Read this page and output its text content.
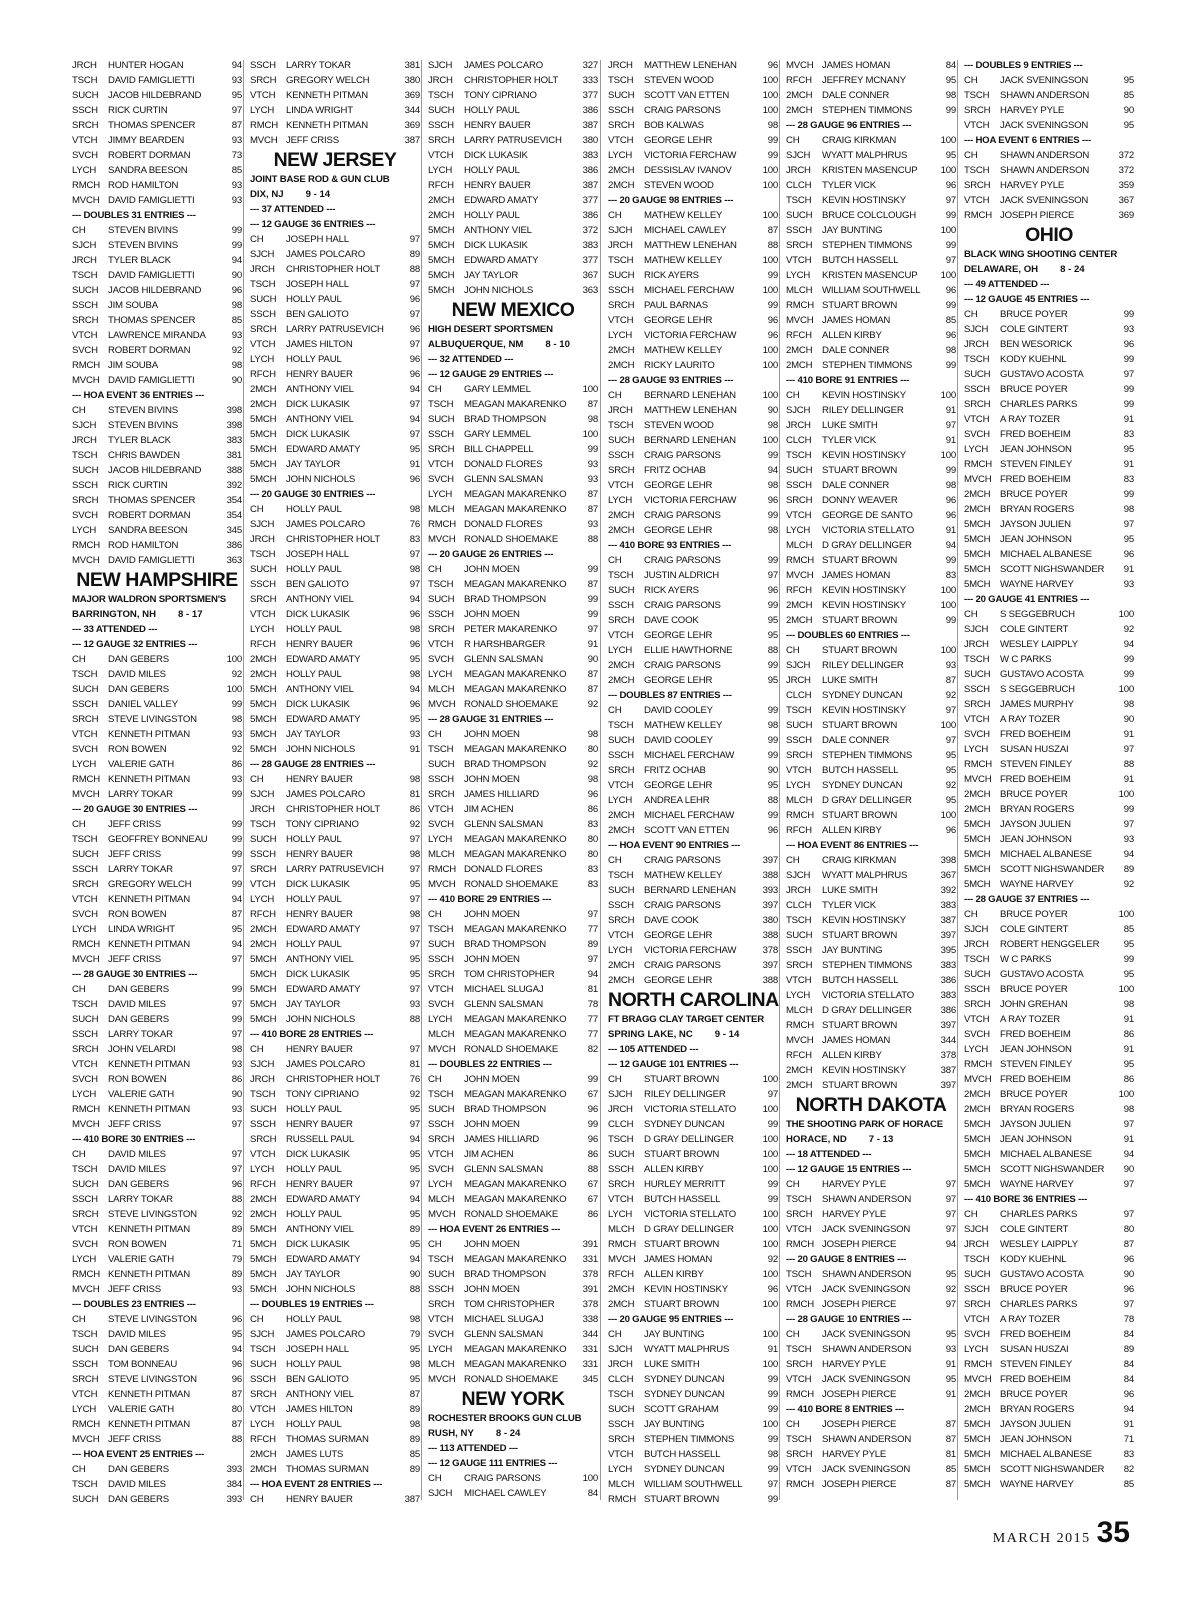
JRCH	HUNTER HOGAN	94
TSCH	DAVID FAMIGLIETTI	93
SUCH	JACOB HILDEBRAND	95
SSCH	RICK CURTIN	97
SRCH	THOMAS SPENCER	87
VTCH	JIMMY BEARDEN	93
SVCH	ROBERT DORMAN	73
LYCH	SANDRA BEESON	85
RMCH ROD HAMILTON	93
MVCH DAVID FAMIGLIETTI	93
--- DOUBLES 31 ENTRIES ---
CH	STEVEN BIVINS	99
SJCH	STEVEN BIVINS	99
JRCH	TYLER BLACK	94
TSCH	DAVID FAMIGLIETTI	90
SUCH	JACOB HILDEBRAND	96
SSCH	JIM SOUBA	98
SRCH	THOMAS SPENCER	85
VTCH	LAWRENCE MIRANDA	93
SVCH	ROBERT DORMAN	92
RMCH JIM SOUBA	98
MVCH DAVID FAMIGLIETTI	90
--- HOA EVENT 36 ENTRIES ---
CH	STEVEN BIVINS	398
SJCH	STEVEN BIVINS	398
JRCH	TYLER BLACK	383
TSCH	CHRIS BAWDEN	381
SUCH	JACOB HILDEBRAND	388
SSCH	RICK CURTIN	392
SRCH	THOMAS SPENCER	354
SVCH	ROBERT DORMAN	354
LYCH	SANDRA BEESON	345
RMCH ROD HAMILTON	386
MVCH DAVID FAMIGLIETTI	363
NEW HAMPSHIRE
MAJOR WALDRON SPORTSMEN'S
BARRINGTON, NH 8 - 17
--- 33 ATTENDED ---
--- 12 GAUGE 32 ENTRIES ---
CH	DAN GEBERS	100
TSCH	DAVID MILES	92
SUCH	DAN GEBERS	100
SSCH	DANIEL VALLEY	99
SRCH	STEVE LIVINGSTON	98
VTCH	KENNETH PITMAN	93
SVCH	RON BOWEN	92
LYCH	VALERIE GATH	86
RMCH KENNETH PITMAN	93
MVCH LARRY TOKAR	99
--- 20 GAUGE 30 ENTRIES ---
CH	JEFF CRISS	99
TSCH	GEOFFREY BONNEAU	99
SUCH	JEFF CRISS	99
SSCH	LARRY TOKAR	97
SRCH	GREGORY WELCH	99
VTCH	KENNETH PITMAN	94
SVCH	RON BOWEN	87
LYCH	LINDA WRIGHT	95
RMCH KENNETH PITMAN	94
MVCH JEFF CRISS	97
--- 28 GAUGE 30 ENTRIES ---
CH	DAN GEBERS	99
TSCH	DAVID MILES	97
SUCH	DAN GEBERS	99
SSCH	LARRY TOKAR	97
SRCH	JOHN VELARDI	98
VTCH	KENNETH PITMAN	93
SVCH	RON BOWEN	86
LYCH	VALERIE GATH	90
RMCH KENNETH PITMAN	93
MVCH JEFF CRISS	97
--- 410 BORE 30 ENTRIES ---
CH	DAVID MILES	97
TSCH	DAVID MILES	97
SUCH	DAN GEBERS	96
SSCH	LARRY TOKAR	88
SRCH	STEVE LIVINGSTON	92
VTCH	KENNETH PITMAN	89
SVCH	RON BOWEN	71
LYCH	VALERIE GATH	79
RMCH KENNETH PITMAN	89
MVCH JEFF CRISS	93
--- DOUBLES 23 ENTRIES ---
CH	STEVE LIVINGSTON	96
TSCH	DAVID MILES	95
SUCH	DAN GEBERS	94
SSCH	TOM BONNEAU	96
SRCH	STEVE LIVINGSTON	96
VTCH	KENNETH PITMAN	87
LYCH	VALERIE GATH	80
RMCH KENNETH PITMAN	87
MVCH JEFF CRISS	88
--- HOA EVENT 25 ENTRIES ---
CH	DAN GEBERS	393
TSCH	DAVID MILES	384
SUCH	DAN GEBERS	393
SSCH	LARRY TOKAR	381
SRCH	GREGORY WELCH	380
VTCH	KENNETH PITMAN	369
LYCH	LINDA WRIGHT	344
RMCH KENNETH PITMAN	369
MVCH JEFF CRISS	387
NEW JERSEY
JOINT BASE ROD & GUN CLUB
DIX, NJ 9 - 14
--- 37 ATTENDED ---
--- 12 GAUGE 36 ENTRIES ---
CH	JOSEPH HALL	97
SJCH	JAMES POLCARO	89
JRCH	CHRISTOPHER HOLT	88
TSCH	JOSEPH HALL	97
SUCH	HOLLY PAUL	96
SSCH	BEN GALIOTO	97
SRCH	LARRY PATRUSEVICH	96
VTCH	JAMES HILTON	97
LYCH	HOLLY PAUL	96
RFCH	HENRY BAUER	96
2MCH	ANTHONY VIEL	94
2MCH	DICK LUKASIK	97
5MCH	ANTHONY VIEL	94
5MCH	DICK LUKASIK	97
5MCH	EDWARD AMATY	95
5MCH	JAY TAYLOR	91
5MCH	JOHN NICHOLS	96
--- 20 GAUGE 30 ENTRIES ---
CH	HOLLY PAUL	98
SJCH	JAMES POLCARO	76
JRCH	CHRISTOPHER HOLT	83
TSCH	JOSEPH HALL	97
SUCH	HOLLY PAUL	98
SSCH	BEN GALIOTO	97
SRCH	ANTHONY VIEL	94
VTCH	DICK LUKASIK	96
LYCH	HOLLY PAUL	98
RFCH	HENRY BAUER	96
2MCH	EDWARD AMATY	95
2MCH	HOLLY PAUL	98
5MCH	ANTHONY VIEL	94
5MCH	DICK LUKASIK	96
5MCH	EDWARD AMATY	95
5MCH	JAY TAYLOR	93
5MCH	JOHN NICHOLS	91
--- 28 GAUGE 28 ENTRIES ---
CH	HENRY BAUER	98
SJCH	JAMES POLCARO	81
JRCH	CHRISTOPHER HOLT	86
TSCH	TONY CIPRIANO	92
SUCH	HOLLY PAUL	97
SSCH	HENRY BAUER	98
SRCH	LARRY PATRUSEVICH	97
VTCH	DICK LUKASIK	95
LYCH	HOLLY PAUL	97
RFCH	HENRY BAUER	98
2MCH	EDWARD AMATY	97
2MCH	HOLLY PAUL	97
5MCH	ANTHONY VIEL	95
5MCH	DICK LUKASIK	95
5MCH	EDWARD AMATY	97
5MCH	JAY TAYLOR	93
5MCH	JOHN NICHOLS	88
--- 410 BORE 28 ENTRIES ---
CH	HENRY BAUER	97
SJCH	JAMES POLCARO	81
JRCH	CHRISTOPHER HOLT	76
TSCH	TONY CIPRIANO	92
SUCH	HOLLY PAUL	95
SSCH	HENRY BAUER	97
SRCH	RUSSELL PAUL	94
VTCH	DICK LUKASIK	95
LYCH	HOLLY PAUL	95
RFCH	HENRY BAUER	97
2MCH	EDWARD AMATY	94
2MCH	HOLLY PAUL	95
5MCH	ANTHONY VIEL	89
5MCH	DICK LUKASIK	95
5MCH	EDWARD AMATY	94
5MCH	JAY TAYLOR	90
5MCH	JOHN NICHOLS	88
--- DOUBLES 19 ENTRIES ---
CH	HOLLY PAUL	98
SJCH	JAMES POLCARO	79
TSCH	JOSEPH HALL	95
SUCH	HOLLY PAUL	98
SSCH	BEN GALIOTO	95
SRCH	ANTHONY VIEL	87
VTCH	JAMES HILTON	89
LYCH	HOLLY PAUL	98
RFCH	THOMAS SURMAN	89
2MCH	JAMES LUTS	85
2MCH	THOMAS SURMAN	89
--- HOA EVENT 28 ENTRIES ---
CH	HENRY BAUER	387
SJCH	JAMES POLCARO	327
JRCH	CHRISTOPHER HOLT	333
TSCH	TONY CIPRIANO	377
SUCH	HOLLY PAUL	386
SSCH	HENRY BAUER	387
SRCH	LARRY PATRUSEVICH	380
VTCH	DICK LUKASIK	383
LYCH	HOLLY PAUL	386
RFCH	HENRY BAUER	387
2MCH	EDWARD AMATY	377
2MCH	HOLLY PAUL	386
5MCH	ANTHONY VIEL	372
5MCH	DICK LUKASIK	383
5MCH	EDWARD AMATY	377
5MCH	JAY TAYLOR	367
5MCH	JOHN NICHOLS	363
NEW MEXICO
HIGH DESERT SPORTSMEN
ALBUQUERQUE, NM 8 - 10
--- 32 ATTENDED ---
--- 12 GAUGE 29 ENTRIES ---
CH	GARY LEMMEL	100
TSCH	MEAGAN MAKARENKO	87
SUCH	BRAD THOMPSON	98
SSCH	GARY LEMMEL	100
SRCH	BILL CHAPPELL	99
VTCH	DONALD FLORES	93
SVCH	GLENN SALSMAN	93
LYCH	MEAGAN MAKARENKO	87
MLCH	MEAGAN MAKARENKO	87
RMCH DONALD FLORES	93
MVCH RONALD SHOEMAKE	88
--- 20 GAUGE 26 ENTRIES ---
CH	JOHN MOEN	99
TSCH	MEAGAN MAKARENKO	87
SUCH	BRAD THOMPSON	99
SSCH	JOHN MOEN	99
SRCH	PETER MAKARENKO	97
VTCH	R HARSHBARGER	91
SVCH	GLENN SALSMAN	90
LYCH	MEAGAN MAKARENKO	87
MLCH	MEAGAN MAKARENKO	87
MVCH RONALD SHOEMAKE	92
--- 28 GAUGE 31 ENTRIES ---
CH	JOHN MOEN	98
TSCH	MEAGAN MAKARENKO	80
SUCH	BRAD THOMPSON	92
SSCH	JOHN MOEN	98
SRCH	JAMES HILLIARD	96
VTCH	JIM ACHEN	86
SVCH	GLENN SALSMAN	83
LYCH	MEAGAN MAKARENKO	80
MLCH	MEAGAN MAKARENKO	80
RMCH DONALD FLORES	83
MVCH RONALD SHOEMAKE	83
--- 410 BORE 29 ENTRIES ---
CH	JOHN MOEN	97
TSCH	MEAGAN MAKARENKO	77
SUCH	BRAD THOMPSON	89
SSCH	JOHN MOEN	97
SRCH	TOM CHRISTOPHER	94
VTCH	MICHAEL SLUGAJ	81
SVCH	GLENN SALSMAN	78
LYCH	MEAGAN MAKARENKO	77
MLCH	MEAGAN MAKARENKO	77
MVCH RONALD SHOEMAKE	82
--- DOUBLES 22 ENTRIES ---
CH	JOHN MOEN	99
TSCH	MEAGAN MAKARENKO	67
SUCH	BRAD THOMPSON	96
SSCH	JOHN MOEN	99
SRCH	JAMES HILLIARD	96
VTCH	JIM ACHEN	86
SVCH	GLENN SALSMAN	88
LYCH	MEAGAN MAKARENKO	67
MLCH	MEAGAN MAKARENKO	67
MVCH RONALD SHOEMAKE	86
--- HOA EVENT 26 ENTRIES ---
CH	JOHN MOEN	391
TSCH	MEAGAN MAKARENKO	331
SUCH	BRAD THOMPSON	378
SSCH	JOHN MOEN	391
SRCH	TOM CHRISTOPHER	378
VTCH	MICHAEL SLUGAJ	338
SVCH	GLENN SALSMAN	344
LYCH	MEAGAN MAKARENKO	331
MLCH	MEAGAN MAKARENKO	331
MVCH RONALD SHOEMAKE	345
NEW YORK
ROCHESTER BROOKS GUN CLUB
RUSH, NY 8 - 24
--- 113 ATTENDED ---
--- 12 GAUGE 111 ENTRIES ---
CH	CRAIG PARSONS	100
SJCH	MICHAEL CAWLEY	84
JRCH	MATTHEW LENEHAN	96
TSCH	STEVEN WOOD	100
SUCH	SCOTT VAN ETTEN	100
SSCH	CRAIG PARSONS	100
SRCH	BOB KALWAS	98
VTCH	GEORGE LEHR	99
LYCH	VICTORIA FERCHAW	99
2MCH	DESSISLAV IVANOV	100
2MCH	STEVEN WOOD	100
--- 20 GAUGE 98 ENTRIES ---
CH	MATHEW KELLEY	100
SJCH	MICHAEL CAWLEY	87
JRCH	MATTHEW LENEHAN	88
TSCH	MATHEW KELLEY	100
SUCH	RICK AYERS	99
SSCH	MICHAEL FERCHAW	100
SRCH	PAUL BARNAS	99
VTCH	GEORGE LEHR	96
LYCH	VICTORIA FERCHAW	96
2MCH	MATHEW KELLEY	100
2MCH	RICKY LAURITO	100
--- 28 GAUGE 93 ENTRIES ---
CH	BERNARD LENEHAN	100
JRCH	MATTHEW LENEHAN	90
TSCH	STEVEN WOOD	98
SUCH	BERNARD LENEHAN	100
SSCH	CRAIG PARSONS	99
SRCH	FRITZ OCHAB	94
VTCH	GEORGE LEHR	98
LYCH	VICTORIA FERCHAW	96
2MCH	CRAIG PARSONS	99
2MCH	GEORGE LEHR	98
--- 410 BORE 93 ENTRIES ---
CH	CRAIG PARSONS	99
TSCH	JUSTIN ALDRICH	97
SUCH	RICK AYERS	96
SSCH	CRAIG PARSONS	99
SRCH	DAVE COOK	95
VTCH	GEORGE LEHR	95
LYCH	ELLIE HAWTHORNE	88
2MCH	CRAIG PARSONS	99
2MCH	GEORGE LEHR	95
--- DOUBLES 87 ENTRIES ---
CH	DAVID COOLEY	99
TSCH	MATHEW KELLEY	98
SUCH	DAVID COOLEY	99
SSCH	MICHAEL FERCHAW	99
SRCH	FRITZ OCHAB	90
VTCH	GEORGE LEHR	95
LYCH	ANDREA LEHR	88
2MCH	MICHAEL FERCHAW	99
2MCH	SCOTT VAN ETTEN	96
--- HOA EVENT 90 ENTRIES ---
CH	CRAIG PARSONS	397
TSCH	MATHEW KELLEY	388
SUCH	BERNARD LENEHAN	393
SSCH	CRAIG PARSONS	397
SRCH	DAVE COOK	380
VTCH	GEORGE LEHR	388
LYCH	VICTORIA FERCHAW	378
2MCH	CRAIG PARSONS	397
2MCH	GEORGE LEHR	388
NORTH CAROLINA
FT BRAGG CLAY TARGET CENTER
SPRING LAKE, NC 9 - 14
--- 105 ATTENDED ---
--- 12 GAUGE 101 ENTRIES ---
CH	STUART BROWN	100
SJCH	RILEY DELLINGER	97
JRCH	VICTORIA STELLATO	100
CLCH	SYDNEY DUNCAN	99
TSCH	D GRAY DELLINGER	100
SUCH	STUART BROWN	100
SSCH	ALLEN KIRBY	100
SRCH	HURLEY MERRITT	99
VTCH	BUTCH HASSELL	99
LYCH	VICTORIA STELLATO	100
MLCH	D GRAY DELLINGER	100
RMCH STUART BROWN	100
MVCH JAMES HOMAN	92
RFCH	ALLEN KIRBY	100
2MCH	KEVIN HOSTINSKY	96
2MCH	STUART BROWN	100
--- 20 GAUGE 95 ENTRIES ---
CH	JAY BUNTING	100
SJCH	WYATT MALPHRUS	91
JRCH	LUKE SMITH	100
CLCH	SYDNEY DUNCAN	99
TSCH	SYDNEY DUNCAN	99
SUCH	SCOTT GRAHAM	99
SSCH	JAY BUNTING	100
SRCH	STEPHEN TIMMONS	99
VTCH	BUTCH HASSELL	98
LYCH	SYDNEY DUNCAN	99
MLCH	WILLIAM SOUTHWELL	97
RMCH STUART BROWN	99
MVCH JAMES HOMAN	84
RFCH	JEFFREY MCNANY	95
2MCH	DALE CONNER	98
2MCH	STEPHEN TIMMONS	99
--- 28 GAUGE 96 ENTRIES ---
CH	CRAIG KIRKMAN	100
SJCH	WYATT MALPHRUS	95
JRCH	KRISTEN MASENCUP	100
CLCH	TYLER VICK	96
TSCH	KEVIN HOSTINSKY	97
SUCH	BRUCE COLCLOUGH	99
SSCH	JAY BUNTING	100
SRCH	STEPHEN TIMMONS	99
VTCH	BUTCH HASSELL	97
LYCH	KRISTEN MASENCUP	100
MLCH	WILLIAM SOUTHWELL	96
RMCH STUART BROWN	99
MVCH JAMES HOMAN	85
RFCH	ALLEN KIRBY	96
2MCH	DALE CONNER	98
2MCH	STEPHEN TIMMONS	99
--- 410 BORE 91 ENTRIES ---
CH	KEVIN HOSTINSKY	100
SJCH	RILEY DELLINGER	91
JRCH	LUKE SMITH	97
CLCH	TYLER VICK	91
TSCH	KEVIN HOSTINSKY	100
SUCH	STUART BROWN	99
SSCH	DALE CONNER	98
SRCH	DONNY WEAVER	96
VTCH	GEORGE DE SANTO	96
LYCH	VICTORIA STELLATO	91
MLCH	D GRAY DELLINGER	94
RMCH STUART BROWN	99
MVCH JAMES HOMAN	83
RFCH	KEVIN HOSTINSKY	100
2MCH	KEVIN HOSTINSKY	100
2MCH	STUART BROWN	99
--- DOUBLES 60 ENTRIES ---
CH	STUART BROWN	100
SJCH	RILEY DELLINGER	93
JRCH	LUKE SMITH	87
CLCH	SYDNEY DUNCAN	92
TSCH	KEVIN HOSTINSKY	97
SUCH	STUART BROWN	100
SSCH	DALE CONNER	97
SRCH	STEPHEN TIMMONS	95
VTCH	BUTCH HASSELL	95
LYCH	SYDNEY DUNCAN	92
MLCH	D GRAY DELLINGER	95
RMCH STUART BROWN	100
RFCH	ALLEN KIRBY	96
--- HOA EVENT 86 ENTRIES ---
CH	CRAIG KIRKMAN	398
SJCH	WYATT MALPHRUS	367
JRCH	LUKE SMITH	392
CLCH	TYLER VICK	383
TSCH	KEVIN HOSTINSKY	387
SUCH	STUART BROWN	397
SSCH	JAY BUNTING	395
SRCH	STEPHEN TIMMONS	383
VTCH	BUTCH HASSELL	386
LYCH	VICTORIA STELLATO	383
MLCH	D GRAY DELLINGER	386
RMCH STUART BROWN	397
MVCH JAMES HOMAN	344
RFCH	ALLEN KIRBY	378
2MCH	KEVIN HOSTINSKY	387
2MCH	STUART BROWN	397
NORTH DAKOTA
THE SHOOTING PARK OF HORACE
HORACE, ND 7 - 13
--- 18 ATTENDED ---
--- 12 GAUGE 15 ENTRIES ---
CH	HARVEY PYLE	97
TSCH	SHAWN ANDERSON	97
SRCH	HARVEY PYLE	97
VTCH	JACK SVENINGSON	97
RMCH JOSEPH PIERCE	94
--- 20 GAUGE 8 ENTRIES ---
TSCH	SHAWN ANDERSON	95
VTCH	JACK SVENINGSON	92
RMCH JOSEPH PIERCE	97
--- 28 GAUGE 10 ENTRIES ---
CH	JACK SVENINGSON	95
TSCH	SHAWN ANDERSON	93
SRCH	HARVEY PYLE	91
VTCH	JACK SVENINGSON	95
RMCH JOSEPH PIERCE	91
--- 410 BORE 8 ENTRIES ---
CH	JOSEPH PIERCE	87
TSCH	SHAWN ANDERSON	87
SRCH	HARVEY PYLE	81
VTCH	JACK SVENINGSON	85
RMCH JOSEPH PIERCE	87
--- DOUBLES 9 ENTRIES ---
CH	JACK SVENINGSON	95
TSCH	SHAWN ANDERSON	85
SRCH	HARVEY PYLE	90
VTCH	JACK SVENINGSON	95
--- HOA EVENT 6 ENTRIES ---
CH	SHAWN ANDERSON	372
TSCH	SHAWN ANDERSON	372
SRCH	HARVEY PYLE	359
VTCH	JACK SVENINGSON	367
RMCH JOSEPH PIERCE	369
OHIO
BLACK WING SHOOTING CENTER
DELAWARE, OH 8 - 24
--- 49 ATTENDED ---
--- 12 GAUGE 45 ENTRIES ---
CH	BRUCE POYER	99
SJCH	COLE GINTERT	93
JRCH	BEN WESORICK	96
TSCH	KODY KUEHNL	99
SUCH	GUSTAVO ACOSTA	97
SSCH	BRUCE POYER	99
SRCH	CHARLES PARKS	99
VTCH	A RAY TOZER	91
SVCH	FRED BOEHEIM	83
LYCH	JEAN JOHNSON	95
RMCH STEVEN FINLEY	91
MVCH FRED BOEHEIM	83
2MCH	BRUCE POYER	99
2MCH	BRYAN ROGERS	98
5MCH	JAYSON JULIEN	97
5MCH	JEAN JOHNSON	95
5MCH	MICHAEL ALBANESE	96
5MCH	SCOTT NIGHSWANDER	91
5MCH	WAYNE HARVEY	93
--- 20 GAUGE 41 ENTRIES ---
CH	S SEGGEBRUCH	100
SJCH	COLE GINTERT	92
JRCH	WESLEY LAIPPLY	94
TSCH	W C PARKS	99
SUCH	GUSTAVO ACOSTA	99
SSCH	S SEGGEBRUCH	100
SRCH	JAMES MURPHY	98
VTCH	A RAY TOZER	90
SVCH	FRED BOEHEIM	91
LYCH	SUSAN HUSZAI	97
RMCH STEVEN FINLEY	88
MVCH FRED BOEHEIM	91
2MCH	BRUCE POYER	100
2MCH	BRYAN ROGERS	99
5MCH	JAYSON JULIEN	97
5MCH	JEAN JOHNSON	93
5MCH	MICHAEL ALBANESE	94
5MCH	SCOTT NIGHSWANDER	89
5MCH	WAYNE HARVEY	92
--- 28 GAUGE 37 ENTRIES ---
CH	BRUCE POYER	100
SJCH	COLE GINTERT	85
JRCH	ROBERT HENGGELER	95
TSCH	W C PARKS	99
SUCH	GUSTAVO ACOSTA	95
SSCH	BRUCE POYER	100
SRCH	JOHN GREHAN	98
VTCH	A RAY TOZER	91
SVCH	FRED BOEHEIM	86
LYCH	JEAN JOHNSON	91
RMCH STEVEN FINLEY	95
MVCH FRED BOEHEIM	86
2MCH	BRUCE POYER	100
2MCH	BRYAN ROGERS	98
5MCH	JAYSON JULIEN	97
5MCH	JEAN JOHNSON	91
5MCH	MICHAEL ALBANESE	94
5MCH	SCOTT NIGHSWANDER	90
5MCH	WAYNE HARVEY	97
--- 410 BORE 36 ENTRIES ---
CH	CHARLES PARKS	97
SJCH	COLE GINTERT	80
JRCH	WESLEY LAIPPLY	87
TSCH	KODY KUEHNL	96
SUCH	GUSTAVO ACOSTA	90
SSCH	BRUCE POYER	96
SRCH	CHARLES PARKS	97
VTCH	A RAY TOZER	78
SVCH	FRED BOEHEIM	84
LYCH	SUSAN HUSZAI	89
RMCH STEVEN FINLEY	84
MVCH FRED BOEHEIM	84
2MCH	BRUCE POYER	96
2MCH	BRYAN ROGERS	94
5MCH	JAYSON JULIEN	91
5MCH	JEAN JOHNSON	71
5MCH	MICHAEL ALBANESE	83
5MCH	SCOTT NIGHSWANDER	82
5MCH	WAYNE HARVEY	85
MARCH 2015 35
